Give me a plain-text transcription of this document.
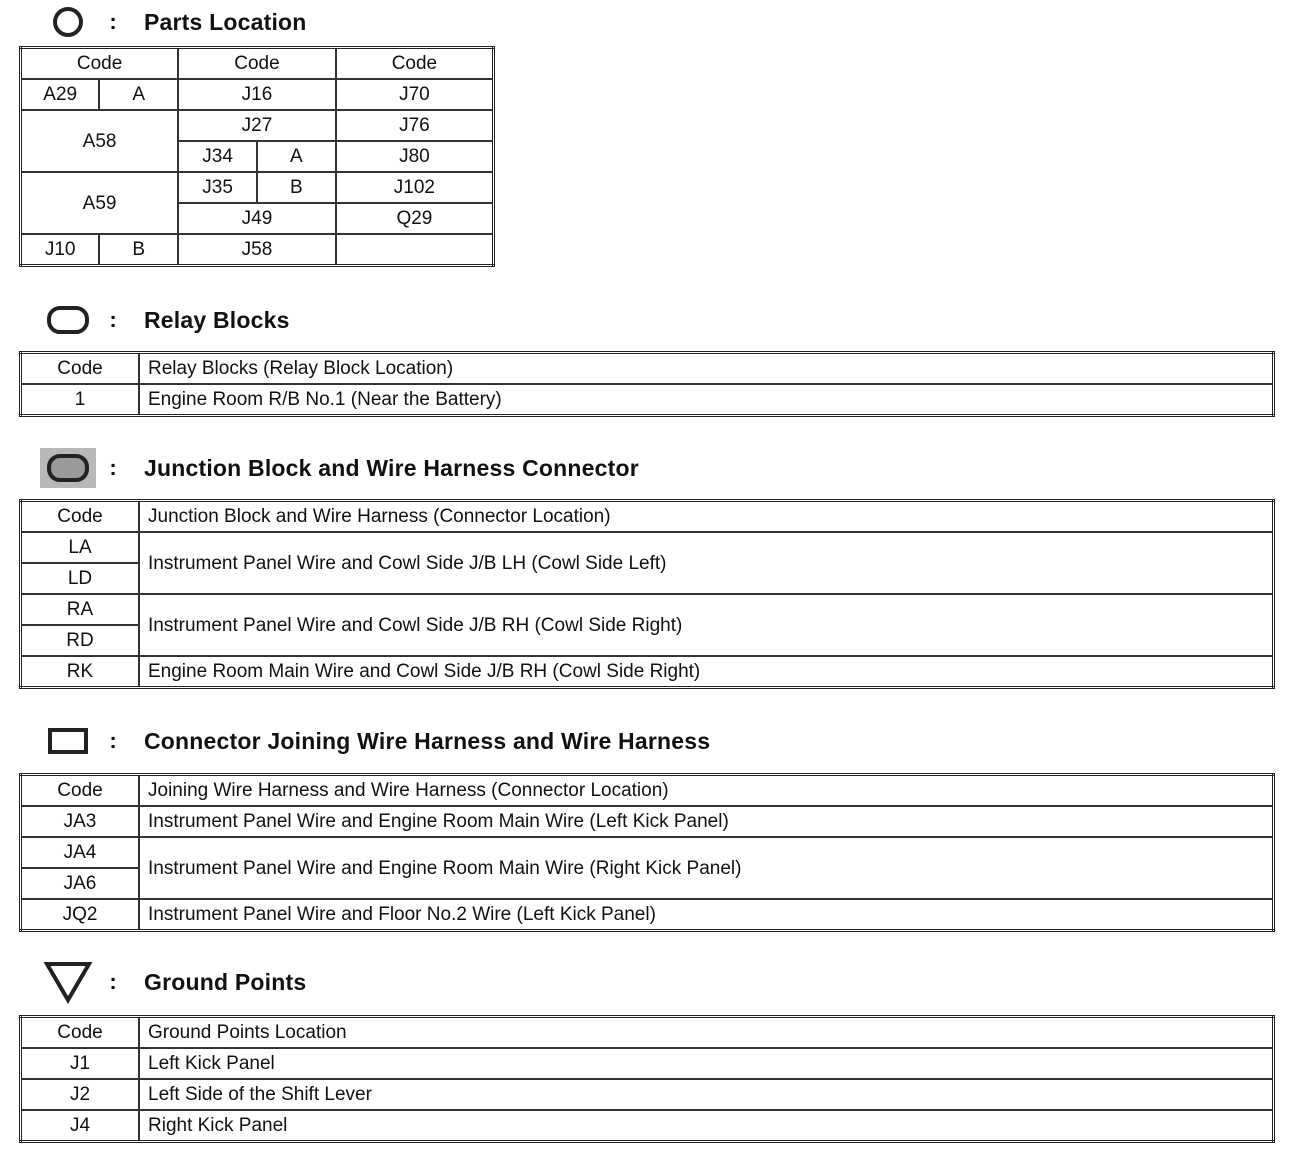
:	Parts Location
Code		Code		Code
A29	A	J16		J70
A58		J27		J76
		J34	A	J80
A59		J35	B	J102
		J49		Q29
J10	B	J58		
:	Relay Blocks
Code	Relay Blocks (Relay Block Location)
1	Engine Room R/B No.1 (Near the Battery)
:	Junction Block and Wire Harness Connector
Code	Junction Block and Wire Harness (Connector Location)
LA	Instrument Panel Wire and Cowl Side J/B LH (Cowl Side Left)
LD	
RA	Instrument Panel Wire and Cowl Side J/B RH (Cowl Side Right)
RD	
RK	Engine Room Main Wire and Cowl Side J/B RH (Cowl Side Right)
:	Connector Joining Wire Harness and Wire Harness
Code	Joining Wire Harness and Wire Harness (Connector Location)
JA3	Instrument Panel Wire and Engine Room Main Wire (Left Kick Panel)
JA4	Instrument Panel Wire and Engine Room Main Wire (Right Kick Panel)
JA6	
JQ2	Instrument Panel Wire and Floor No.2 Wire (Left Kick Panel)
:	Ground Points
Code	Ground Points Location
J1	Left Kick Panel
J2	Left Side of the Shift Lever
J4	Right Kick Panel
